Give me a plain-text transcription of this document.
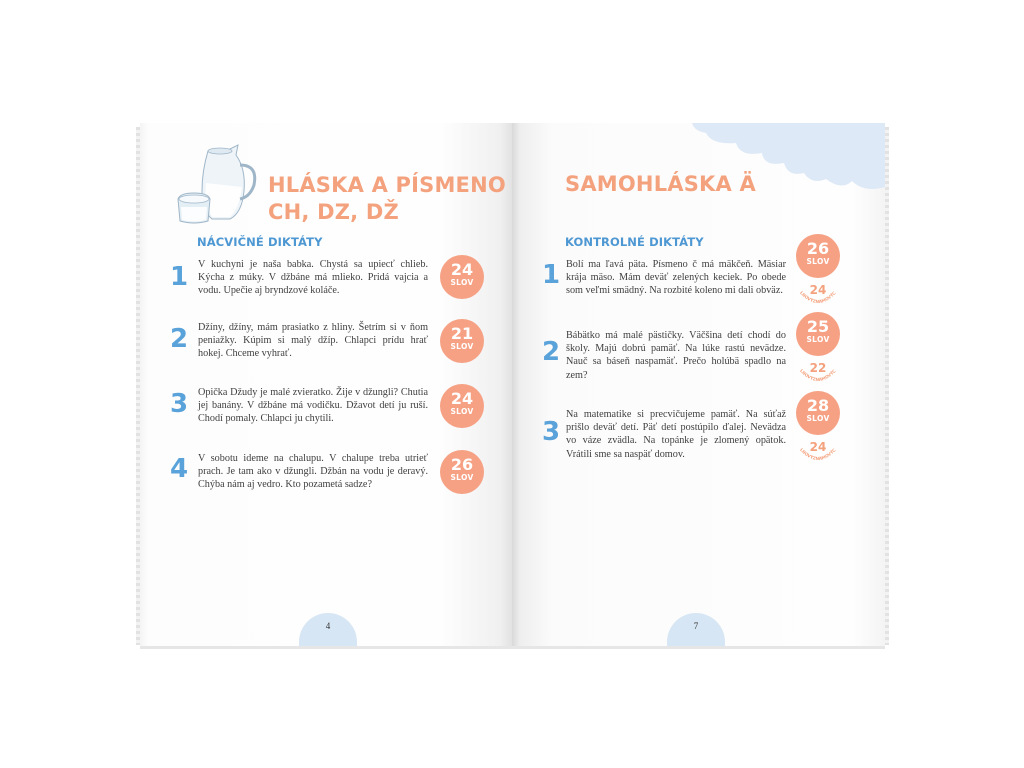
HLÁSKA A PÍSMENO
CH, DZ, DŽ
NÁCVIČNÉ DIKTÁTY
1 V kuchyni je naša babka. Chystá sa upiecť chlieb. Kýcha z múky. V džbáne má mlieko. Pridá vajcia a vodu. Upečie aj bryndzové koláče.

24
SLOV
2 Džíny, džíny, mám prasiatko z hliny. Šetrím si v ňom peniažky. Kúpim si malý džíp. Chlapci prídu hrať hokej. Chceme vyhrať.

21
SLOV
3 Opička Džudy je malé zvieratko. Žije v džungli? Chutia jej banány. V džbáne má vodičku. Džavot detí ju ruší. Chodí pomaly. Chlapci ju chytili.

24
SLOV
4 V sobotu ideme na chalupu. V chalupe treba utrieť prach. Je tam ako v džungli. Džbán na vodu je deravý. Chýba nám aj vedro. Kto pozametá sadze?

26
SLOV
4
SAMOHLÁSKA Ä
KONTROLNÉ DIKTÁTY
1 Bolí ma ľavá päta. Písmeno č má mäkčeň. Mäsiar krája mäso. Mám deväť zelených keciek. Po obede som veľmi smädný. Na rozbité koleno mi dali obväz.

26
SLOV
24
LNOVÝZNAMOVÝC
2

Bábätko má malé pästičky. Väčšina detí chodí do školy. Majú dobrú pamäť. Na lúke rastú nevädze. Nauč sa báseň naspamäť. Prečo holúbä spadlo na zem?

25
SLOV
22
LNOVÝZNAMOVÝC
3

Na matematike si precvičujeme pamäť. Na súťaž prišlo deväť detí. Päť detí postúpilo ďalej. Nevädza vo váze zvädla. Na topánke je zlomený opätok. Vrátili sme sa naspäť domov.

28
SLOV
24
LNOVÝZNAMOVÝC
7
